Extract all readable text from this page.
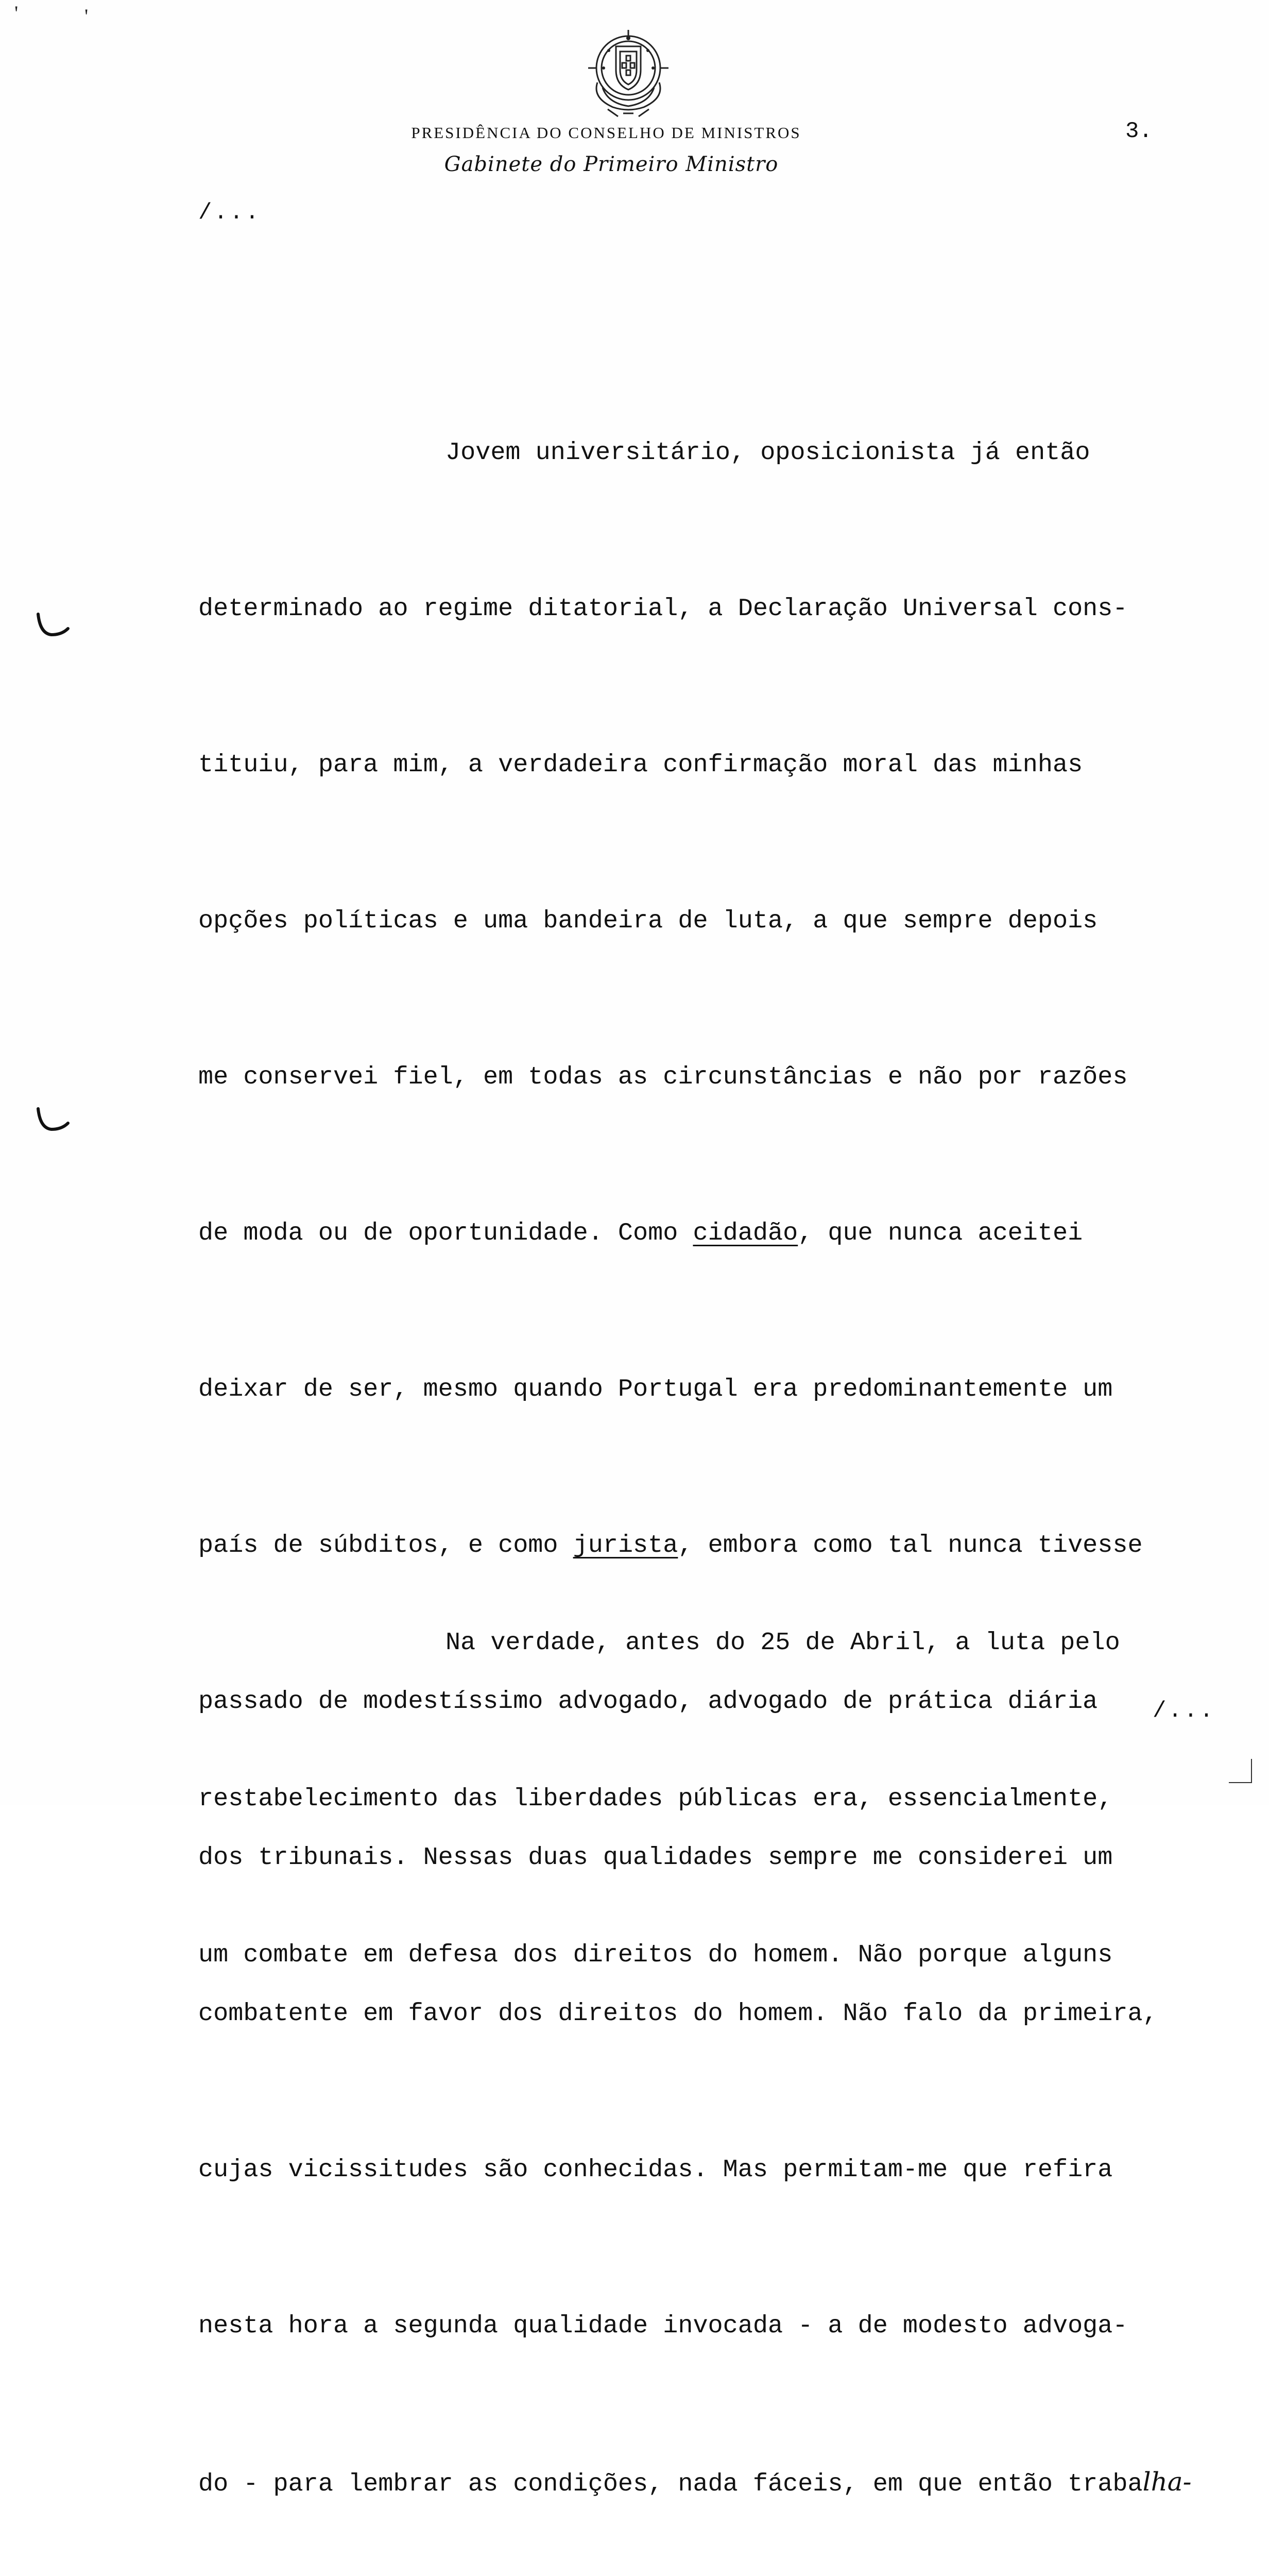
'	'
PRESIDÊNCIA DO CONSELHO DE MINISTROS
Gabinete do Primeiro Ministro
3.
/...

Jovem universitário, oposicionista já então

determinado ao regime ditatorial, a Declaração Universal cons-

tituiu, para mim, a verdadeira confirmação moral das minhas

opções políticas e uma bandeira de luta, a que sempre depois

me conservei fiel, em todas as circunstâncias e não por razões

de moda ou de oportunidade. Como cidadão, que nunca aceitei

deixar de ser, mesmo quando Portugal era predominantemente um

país de súbditos, e como jurista, embora como tal nunca tivesse

passado de modestíssimo advogado, advogado de prática diária

dos tribunais. Nessas duas qualidades sempre me considerei um

combatente em favor dos direitos do homem. Não falo da primeira,

cujas vicissitudes são conhecidas. Mas permitam-me que refira

nesta hora a segunda qualidade invocada - a de modesto advoga-

do - para lembrar as condições, nada fáceis, em que então trabalha-

Na verdade, antes do 25 de Abril, a luta pelo

restabelecimento das liberdades públicas era, essencialmente,

um combate em defesa dos direitos do homem. Não porque alguns

/...
